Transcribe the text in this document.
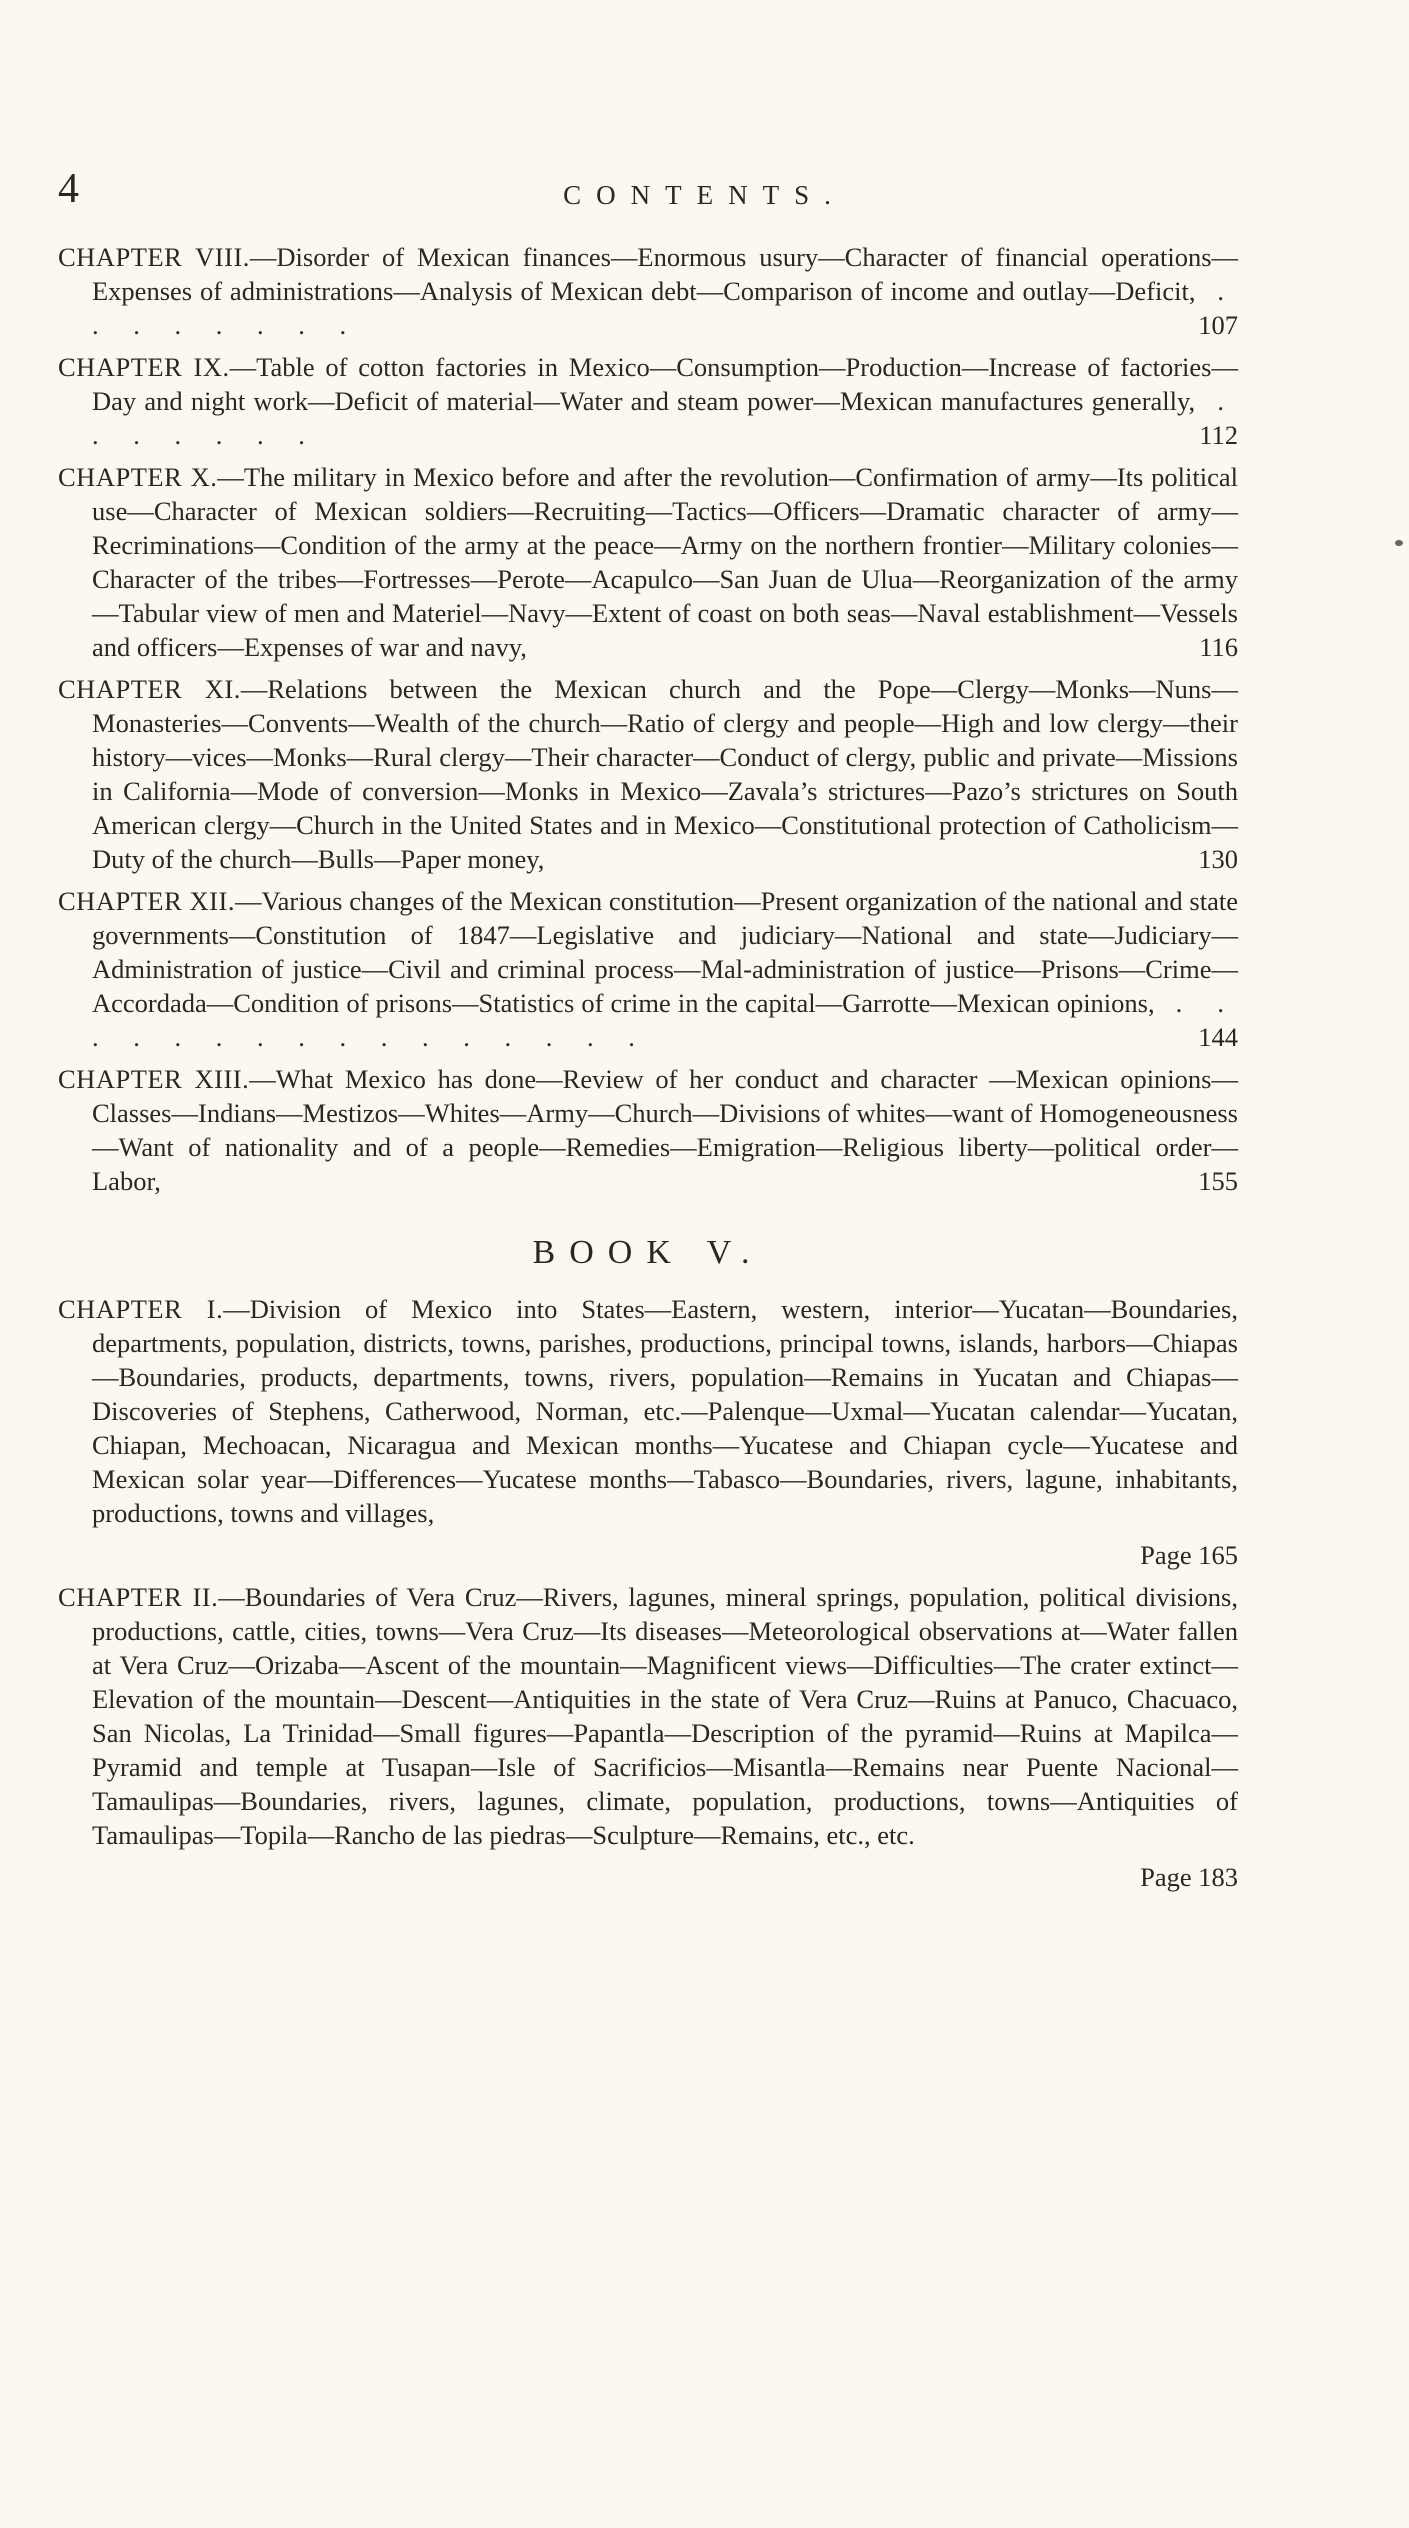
4	CONTENTS.

CHAPTER VIII.—Disorder of Mexican finances—Enormous usury—Character of financial operations—Expenses of administrations—Analysis of Mexican debt—Comparison of income and outlay—Deficit, . . . . . . . .	107

CHAPTER IX.—Table of cotton factories in Mexico—Consumption—Production—Increase of factories—Day and night work—Deficit of material—Water and steam power—Mexican manufactures generally, . . . . . . .	112

CHAPTER X.—The military in Mexico before and after the revolution—Confirmation of army—Its political use—Character of Mexican soldiers—Recruiting—Tactics—Officers—Dramatic character of army—Recriminations—Condition of the army at the peace—Army on the northern frontier—Military colonies—Character of the tribes—Fortresses—Perote—Acapulco—San Juan de Ulua—Reorganization of the army—Tabular view of men and Materiel—Navy—Extent of coast on both seas—Naval establishment—Vessels and officers—Expenses of war and navy,	116

CHAPTER XI.—Relations between the Mexican church and the Pope—Clergy—Monks—Nuns—Monasteries—Convents—Wealth of the church—Ratio of clergy and people—High and low clergy—their history—vices—Monks—Rural clergy—Their character—Conduct of clergy, public and private—Missions in California—Mode of conversion—Monks in Mexico—Zavala’s strictures—Pazo’s strictures on South American clergy—Church in the United States and in Mexico—Constitutional protection of Catholicism—Duty of the church—Bulls—Paper money,	130

CHAPTER XII.—Various changes of the Mexican constitution—Present organization of the national and state governments—Constitution of 1847—Legislative and judiciary—National and state—Judiciary—Administration of justice—Civil and criminal process—Mal-administration of justice—Prisons—Crime—Accordada—Condition of prisons—Statistics of crime in the capital—Garrotte—Mexican opinions, . . . . . . . . . . . . . . . .	144

CHAPTER XIII.—What Mexico has done—Review of her conduct and character —Mexican opinions—Classes—Indians—Mestizos—Whites—Army—Church—Divisions of whites—want of Homogeneousness—Want of nationality and of a people—Remedies—Emigration—Religious liberty—political order—Labor,	155

BOOK V.

CHAPTER I.—Division of Mexico into States—Eastern, western, interior—Yucatan—Boundaries, departments, population, districts, towns, parishes, productions, principal towns, islands, harbors—Chiapas—Boundaries, products, departments, towns, rivers, population—Remains in Yucatan and Chiapas—Discoveries of Stephens, Catherwood, Norman, etc.—Palenque—Uxmal—Yucatan calendar—Yucatan, Chiapan, Mechoacan, Nicaragua and Mexican months—Yucatese and Chiapan cycle—Yucatese and Mexican solar year—Differences—Yucatese months—Tabasco—Boundaries, rivers, lagune, inhabitants, productions, towns and villages,

Page 165

CHAPTER II.—Boundaries of Vera Cruz—Rivers, lagunes, mineral springs, population, political divisions, productions, cattle, cities, towns—Vera Cruz—Its diseases—Meteorological observations at—Water fallen at Vera Cruz—Orizaba—Ascent of the mountain—Magnificent views—Difficulties—The crater extinct—Elevation of the mountain—Descent—Antiquities in the state of Vera Cruz—Ruins at Panuco, Chacuaco, San Nicolas, La Trinidad—Small figures—Papantla—Description of the pyramid—Ruins at Mapilca—Pyramid and temple at Tusapan—Isle of Sacrificios—Misantla—Remains near Puente Nacional—Tamaulipas—Boundaries, rivers, lagunes, climate, population, productions, towns—Antiquities of Tamaulipas—Topila—Rancho de las piedras—Sculpture—Remains, etc., etc.

Page 183
